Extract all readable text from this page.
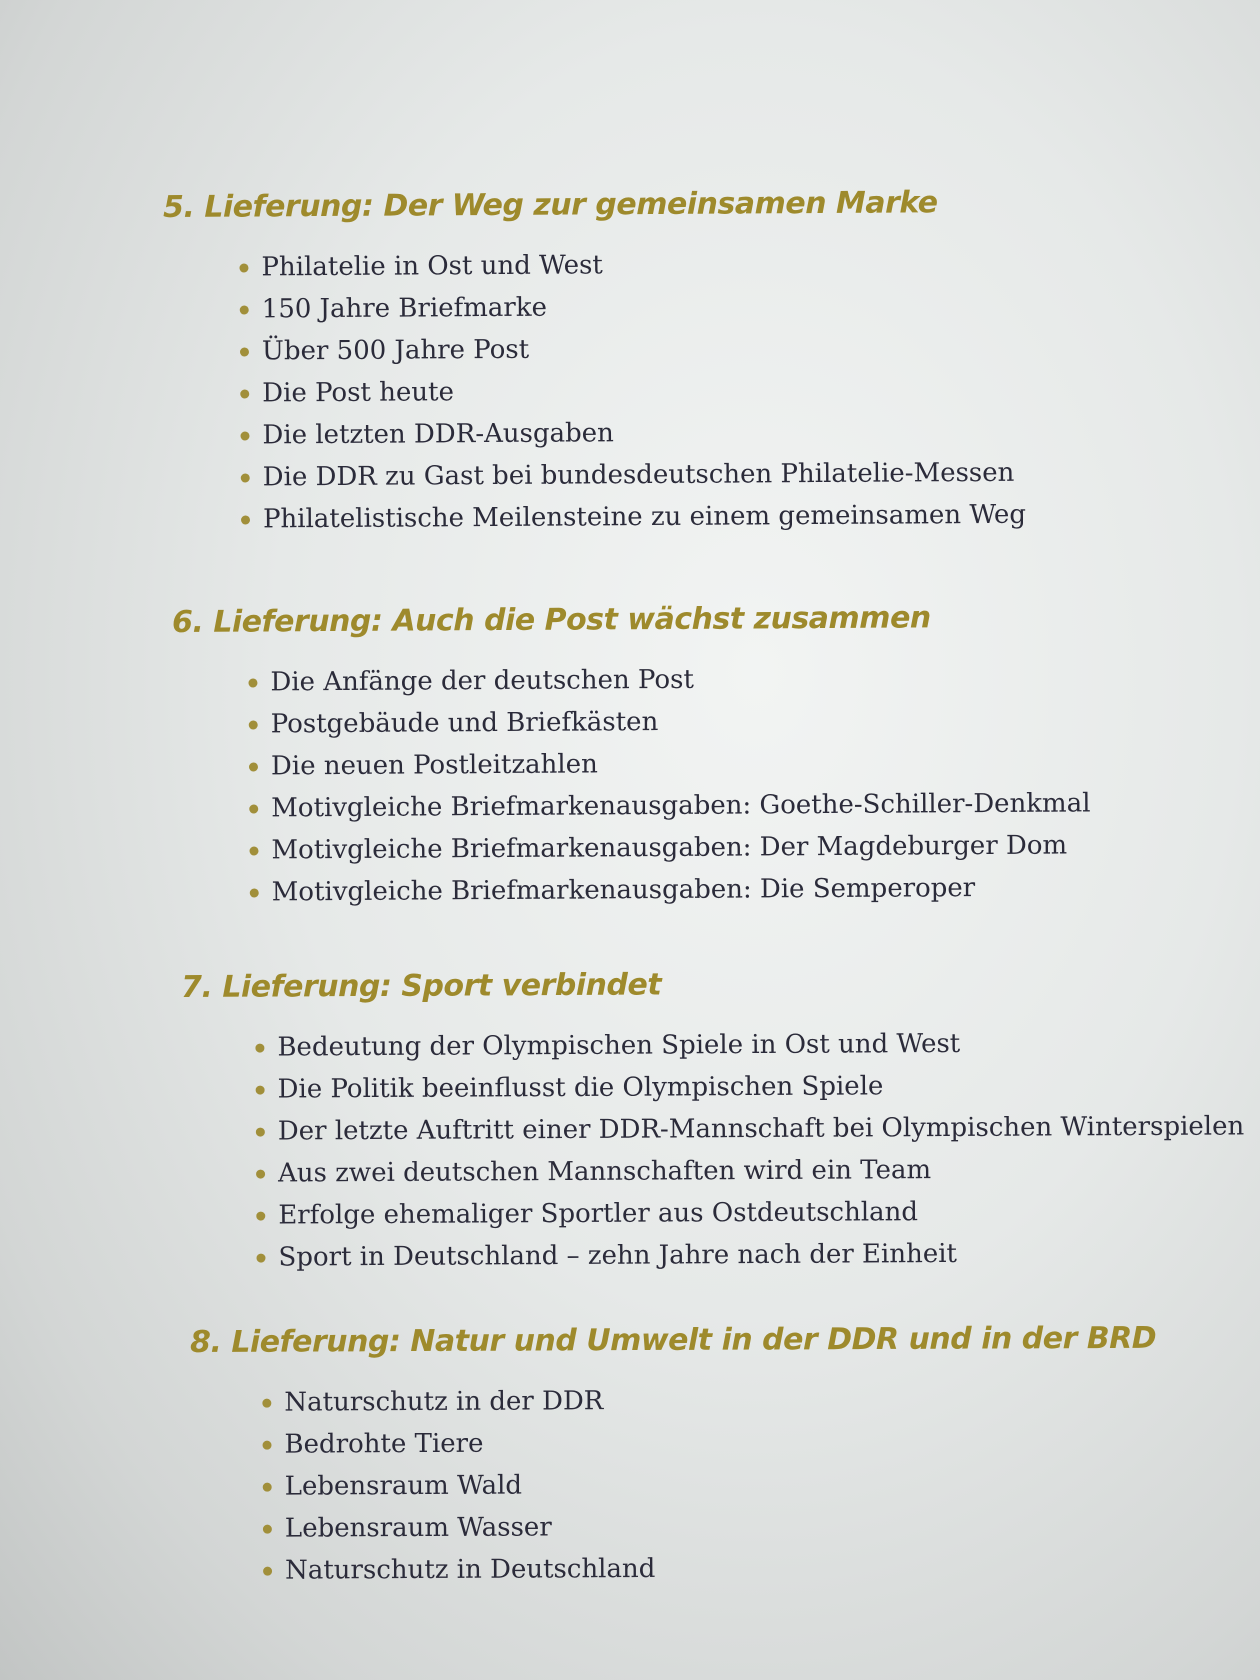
5. Lieferung: Der Weg zur gemeinsamen Marke
Philatelie in Ost und West
150 Jahre Briefmarke
Über 500 Jahre Post
Die Post heute
Die letzten DDR-Ausgaben
Die DDR zu Gast bei bundesdeutschen Philatelie-Messen
Philatelistische Meilensteine zu einem gemeinsamen Weg
6. Lieferung: Auch die Post wächst zusammen
Die Anfänge der deutschen Post
Postgebäude und Briefkästen
Die neuen Postleitzahlen
Motivgleiche Briefmarkenausgaben: Goethe-Schiller-Denkmal
Motivgleiche Briefmarkenausgaben: Der Magdeburger Dom
Motivgleiche Briefmarkenausgaben: Die Semperoper
7. Lieferung: Sport verbindet
Bedeutung der Olympischen Spiele in Ost und West
Die Politik beeinflusst die Olympischen Spiele
Der letzte Auftritt einer DDR-Mannschaft bei Olympischen Winterspielen
Aus zwei deutschen Mannschaften wird ein Team
Erfolge ehemaliger Sportler aus Ostdeutschland
Sport in Deutschland – zehn Jahre nach der Einheit
8. Lieferung: Natur und Umwelt in der DDR und in der BRD
Naturschutz in der DDR
Bedrohte Tiere
Lebensraum Wald
Lebensraum Wasser
Naturschutz in Deutschland
